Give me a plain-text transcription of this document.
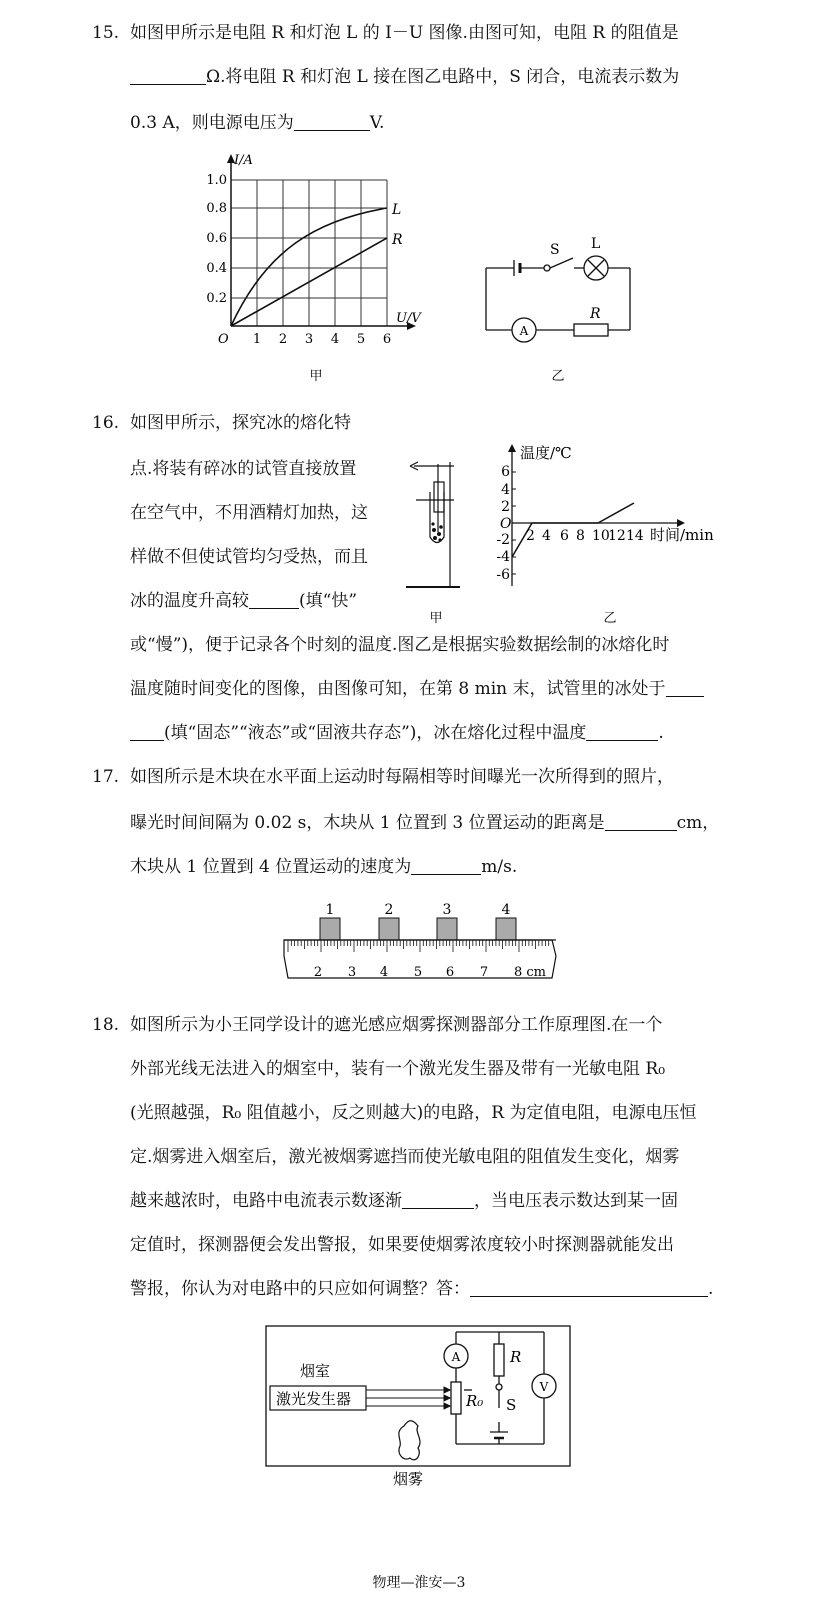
15. 如图甲所示是电阻 R 和灯泡 L 的 I－U 图像.由图可知，电阻 R 的阻值是
Ω.将电阻 R 和灯泡 L 接在图乙电路中，S 闭合，电流表示数为
0.3 A，则电源电压为	V.
I/A
U/V
O
1.0
0.8
0.6
0.4
0.2
1 2 3 4 5 6
L
R
甲
S L
A
R
乙
16. 如图甲所示，探究冰的熔化特
点.将装有碎冰的试管直接放置
在空气中，不用酒精灯加热，这
样做不但使试管均匀受热，而且
冰的温度升高较	(填“快”
或“慢”)，便于记录各个时刻的温度.图乙是根据实验数据绘制的冰熔化时
温度随时间变化的图像，由图像可知，在第 8 min 末，试管里的冰处于
(填“固态”“液态”或“固液共存态”)，冰在熔化过程中温度	.
甲
温度/℃
时间/min
O
6
4
2
-2
-4
-6
2 4 6 8 10
12 14
乙
17. 如图所示是木块在水平面上运动时每隔相等时间曝光一次所得到的照片，
曝光时间间隔为 0.02 s，木块从 1 位置到 3 位置运动的距离是	cm，
木块从 1 位置到 4 位置运动的速度为	m/s.
1	2	3	4
2 3 4 5 6 7 8 cm
18. 如图所示为小王同学设计的遮光感应烟雾探测器部分工作原理图.在一个
外部光线无法进入的烟室中，装有一个激光发生器及带有一光敏电阻 R₀
(光照越强，R₀ 阻值越小，反之则越大)的电路，R 为定值电阻，电源电压恒
定.烟雾进入烟室后，激光被烟雾遮挡而使光敏电阻的阻值发生变化，烟雾
越来越浓时，电路中电流表示数逐渐	，当电压表示数达到某一固
定值时，探测器便会发出警报，如果要使烟雾浓度较小时探测器就能发出
警报，你认为对电路中的只应如何调整？答：	.
烟室
激光发生器
A
V
R
R₀ S
烟雾
物理—淮安—3
